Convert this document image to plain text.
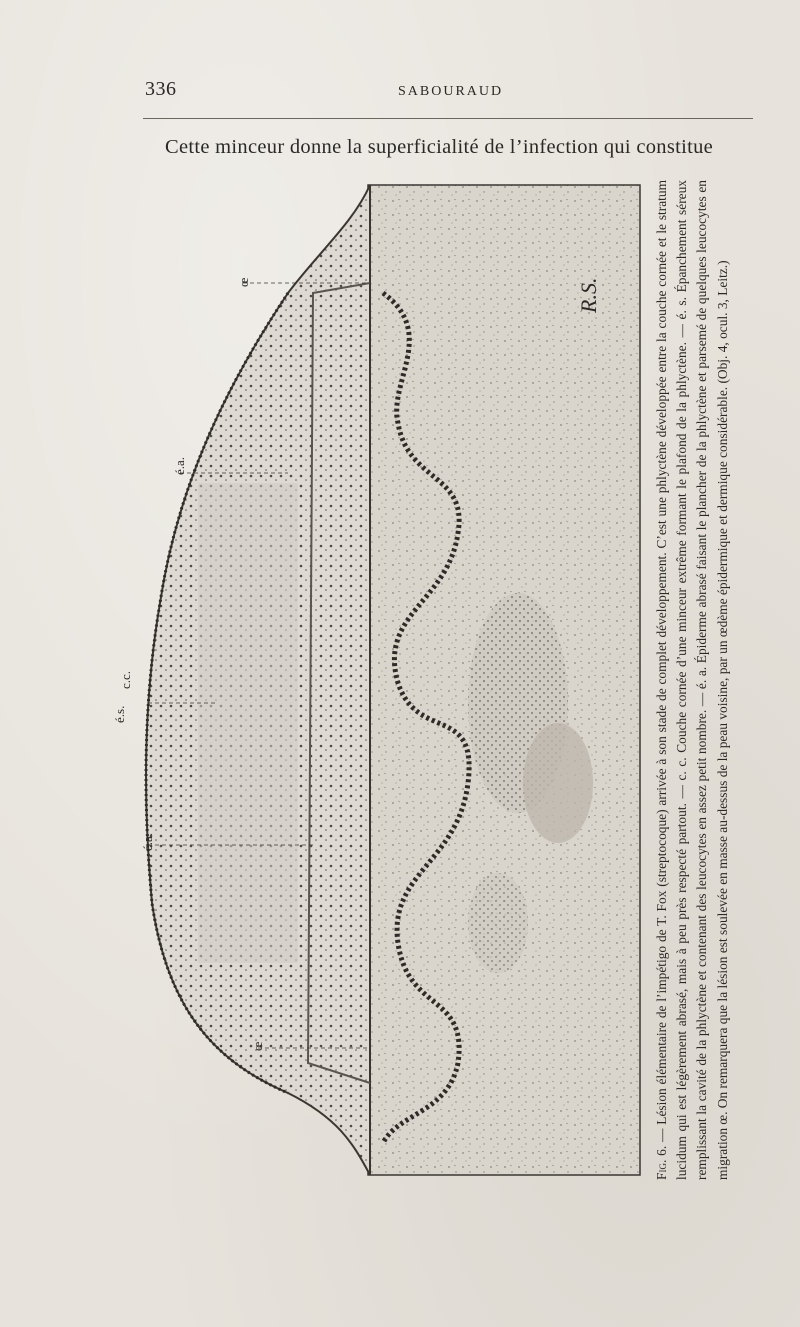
336	SABOURAUD
Cette minceur donne la superficialité de l’infection qui constitue
œ
é.a.
c.c.
é.s.
é.a.
œ
R.S.
Fig. 6. — Lésion élémentaire de l’impétigo de T. Fox (streptocoque) arrivée à son stade de complet développement. C’est une phlyctène développée entre la couche cornée et le stratum lucidum qui est légèrement abrasé, mais à peu près respecté partout. — c. c. Couche cornée d’une minceur extrême formant le plafond de la phlyctène. — é. s. Épanchement séreux remplissant la cavité de la phlyctène et contenant des leucocytes en assez petit nombre. — é. a. Épiderme abrasé faisant le plancher de la phlyctène et parsemé de quelques leucocytes en migration œ. On remarquera que la lésion est soulevée en masse au-dessus de la peau voisine, par un œdème épidermique et dermique considérable. (Obj. 4, ocul. 3, Leitz.)
